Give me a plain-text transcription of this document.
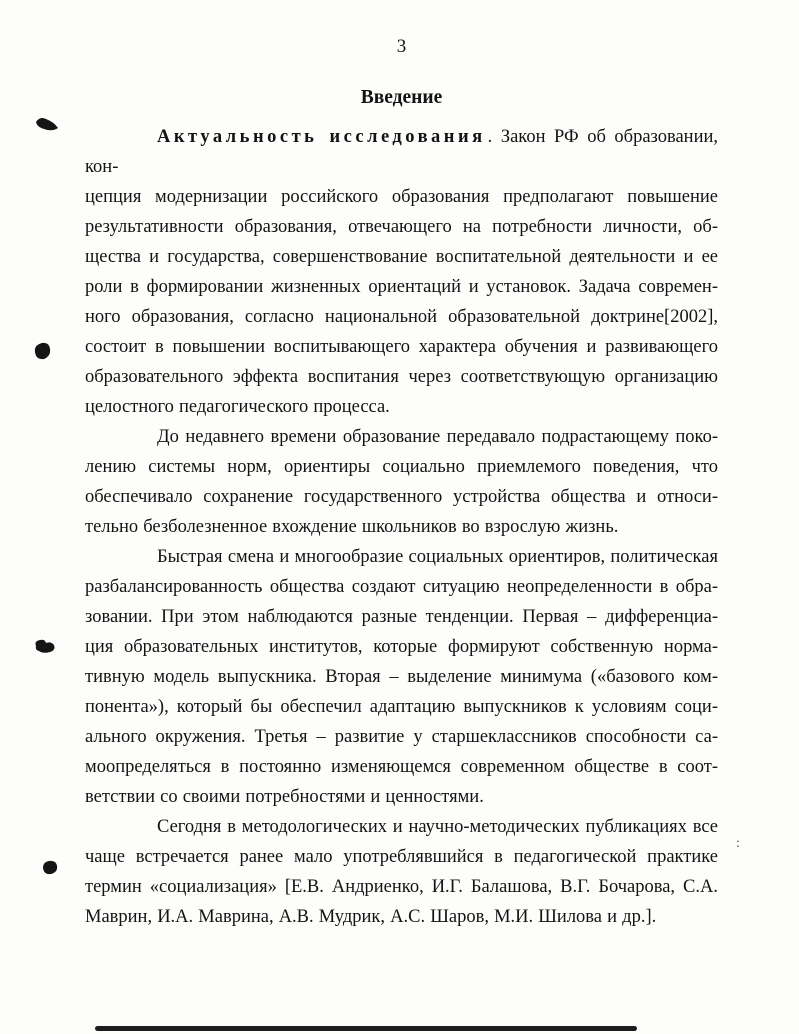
3
Введение
Актуальность исследования . Закон РФ об образовании, кон-
цепция модернизации российского образования предполагают повышение
результативности образования, отвечающего на потребности личности, об-
щества и государства, совершенствование воспитательной деятельности и ее
роли в формировании жизненных ориентаций и установок. Задача современ-
ного образования, согласно национальной образовательной доктрине[2002],
состоит в повышении воспитывающего характера обучения и развивающего
образовательного эффекта воспитания через соответствующую организацию
целостного педагогического процесса.
До недавнего времени образование передавало подрастающему поко-
лению системы норм, ориентиры социально приемлемого поведения, что
обеспечивало сохранение государственного устройства общества и относи-
тельно безболезненное вхождение школьников во взрослую жизнь.
Быстрая смена и многообразие социальных ориентиров, политическая
разбалансированность общества создают ситуацию неопределенности в обра-
зовании. При этом наблюдаются разные тенденции. Первая – дифференциа-
ция образовательных институтов, которые формируют собственную норма-
тивную модель выпускника. Вторая – выделение минимума («базового ком-
понента»), который бы обеспечил адаптацию выпускников к условиям соци-
ального окружения. Третья – развитие у старшеклассников способности са-
моопределяться в постоянно изменяющемся современном обществе в соот-
ветствии со своими потребностями и ценностями.
Сегодня в методологических и научно-методических публикациях все
чаще встречается ранее мало употреблявшийся в педагогической практике
термин «социализация» [Е.В. Андриенко, И.Г. Балашова, В.Г. Бочарова, С.А.
Маврин, И.А. Маврина, А.В. Мудрик, А.С. Шаров, М.И. Шилова и др.].
:
